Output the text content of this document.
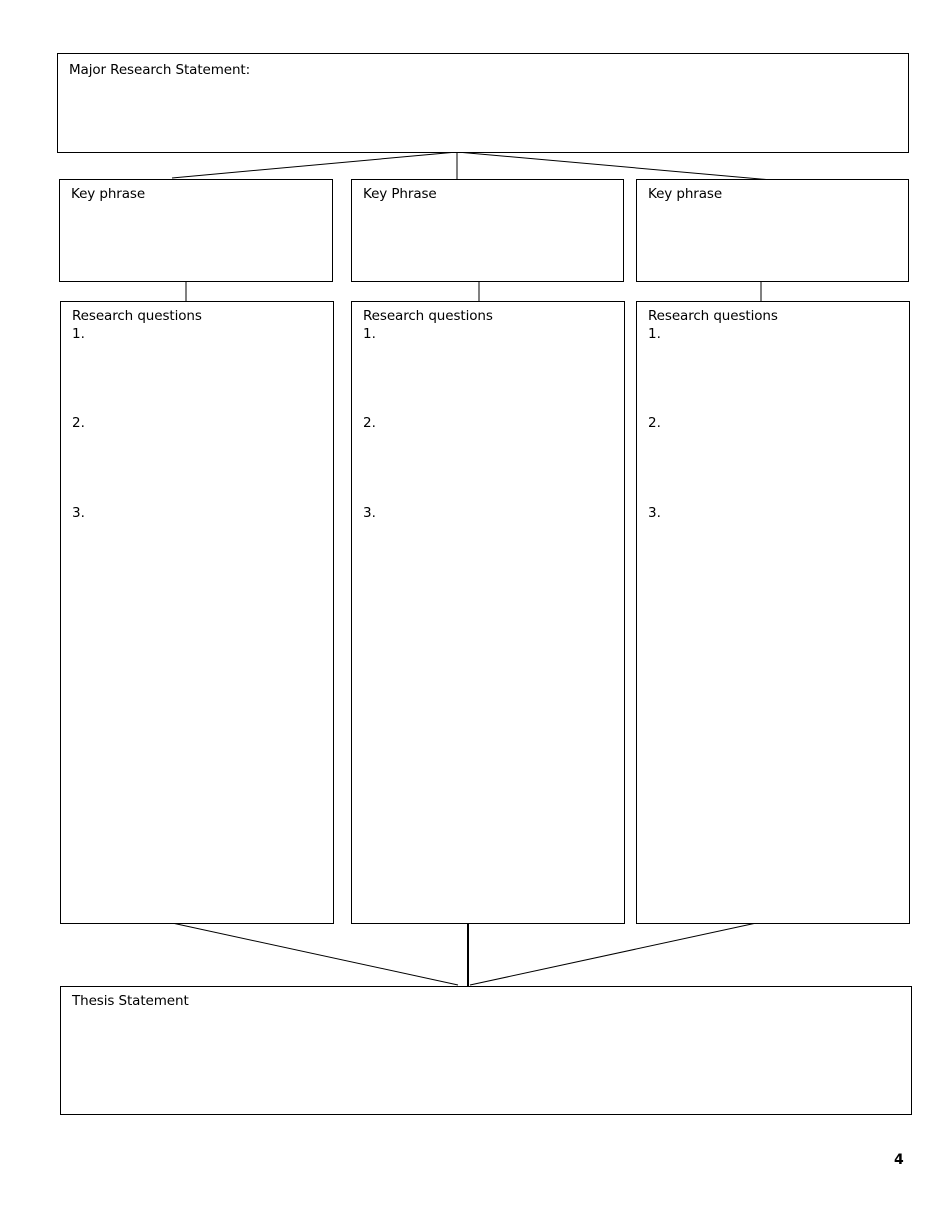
Major Research Statement:
Key phrase	Key Phrase	Key phrase
Research questions
1.
2.
3.
Research questions
1.
2.
3.
Research questions
1.
2.
3.
Thesis Statement
4
